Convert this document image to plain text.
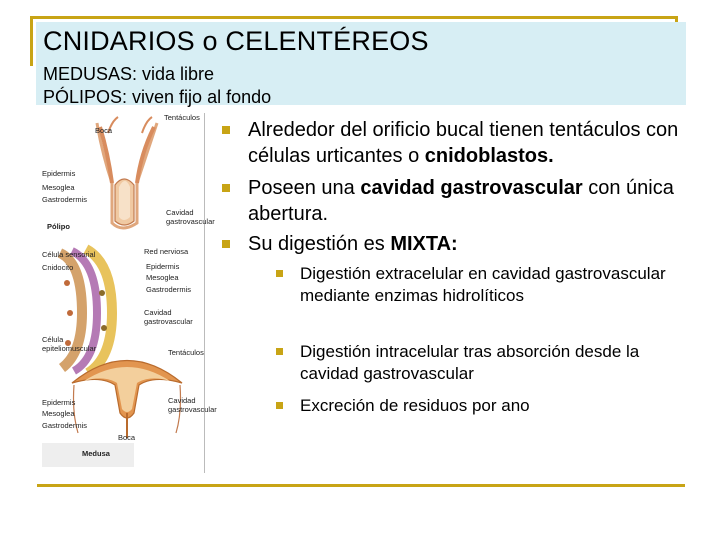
CNIDARIOS o CELENTÉREOS
MEDUSAS: vida libre
PÓLIPOS: viven fijo al fondo
Boca
Tentáculos
Epidermis
Mesoglea
Gastrodermis
Cavidad
gastrovascular
Pólipo
Célula sensorial	Red nerviosa
Cnidocito	Epidermis
Mesoglea
Gastrodermis
Cavidad
gastrovascular
Célula
epiteliomuscular	Tentáculos
Epidermis
Mesoglea
Gastrodermis
Cavidad
gastrovascular
Boca
Medusa
Alrededor del orificio bucal tienen tentáculos con células urticantes o cnidoblastos.
Poseen una cavidad gastrovascular con única abertura.
Su digestión es MIXTA:
Digestión extracelular en cavidad gastrovascular mediante enzimas hidrolíticos
Digestión intracelular tras absorción desde la cavidad gastrovascular
Excreción de residuos por ano
